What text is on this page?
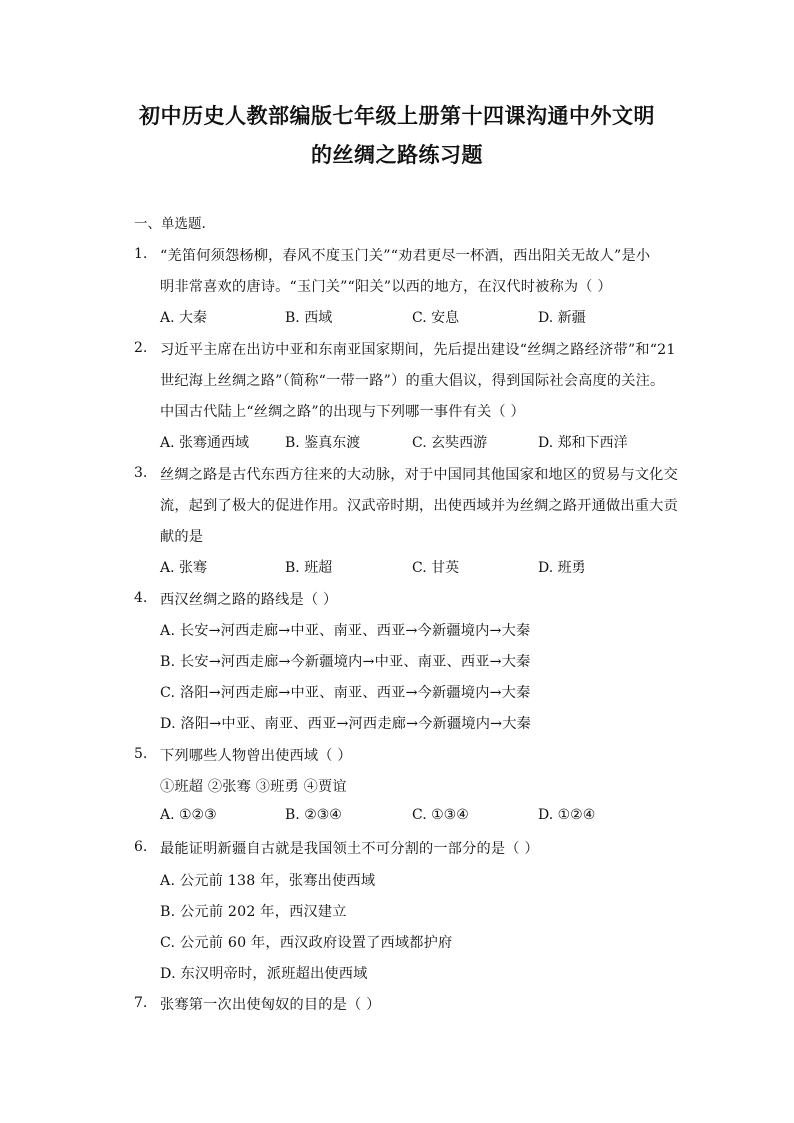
初中历史人教部编版七年级上册第十四课沟通中外文明
的丝绸之路练习题
一、单选题.
1. “羌笛何须怨杨柳，春风不度玉门关”“劝君更尽一杯酒，西出阳关无故人”是小
明非常喜欢的唐诗。“玉门关”“阳关”以西的地方，在汉代时被称为（ ）
A. 大秦	B. 西域	C. 安息	D. 新疆
2. 习近平主席在出访中亚和东南亚国家期间，先后提出建设“丝绸之路经济带”和“21
世纪海上丝绸之路”（简称“一带一路”）的重大倡议，得到国际社会高度的关注。
中国古代陆上“丝绸之路”的出现与下列哪一事件有关（ ）
A. 张骞通西域	B. 鉴真东渡	C. 玄奘西游	D. 郑和下西洋
3. 丝绸之路是古代东西方往来的大动脉，对于中国同其他国家和地区的贸易与文化交
流，起到了极大的促进作用。汉武帝时期，出使西域并为丝绸之路开通做出重大贡
献的是
A. 张骞	B. 班超	C. 甘英	D. 班勇
4. 西汉丝绸之路的路线是（ ）
A. 长安→河西走廊→中亚、南亚、西亚→今新疆境内→大秦
B. 长安→河西走廊→今新疆境内→中亚、南亚、西亚→大秦
C. 洛阳→河西走廊→中亚、南亚、西亚→今新疆境内→大秦
D. 洛阳→中亚、南亚、西亚→河西走廊→今新疆境内→大秦
5. 下列哪些人物曾出使西域（ ）
①班超 ②张骞 ③班勇 ④贾谊
A. ①②③	B. ②③④	C. ①③④	D. ①②④
6. 最能证明新疆自古就是我国领土不可分割的一部分的是（ ）
A. 公元前 138 年，张骞出使西域
B. 公元前 202 年，西汉建立
C. 公元前 60 年，西汉政府设置了西域都护府
D. 东汉明帝时，派班超出使西域
7. 张骞第一次出使匈奴的目的是（ ）
